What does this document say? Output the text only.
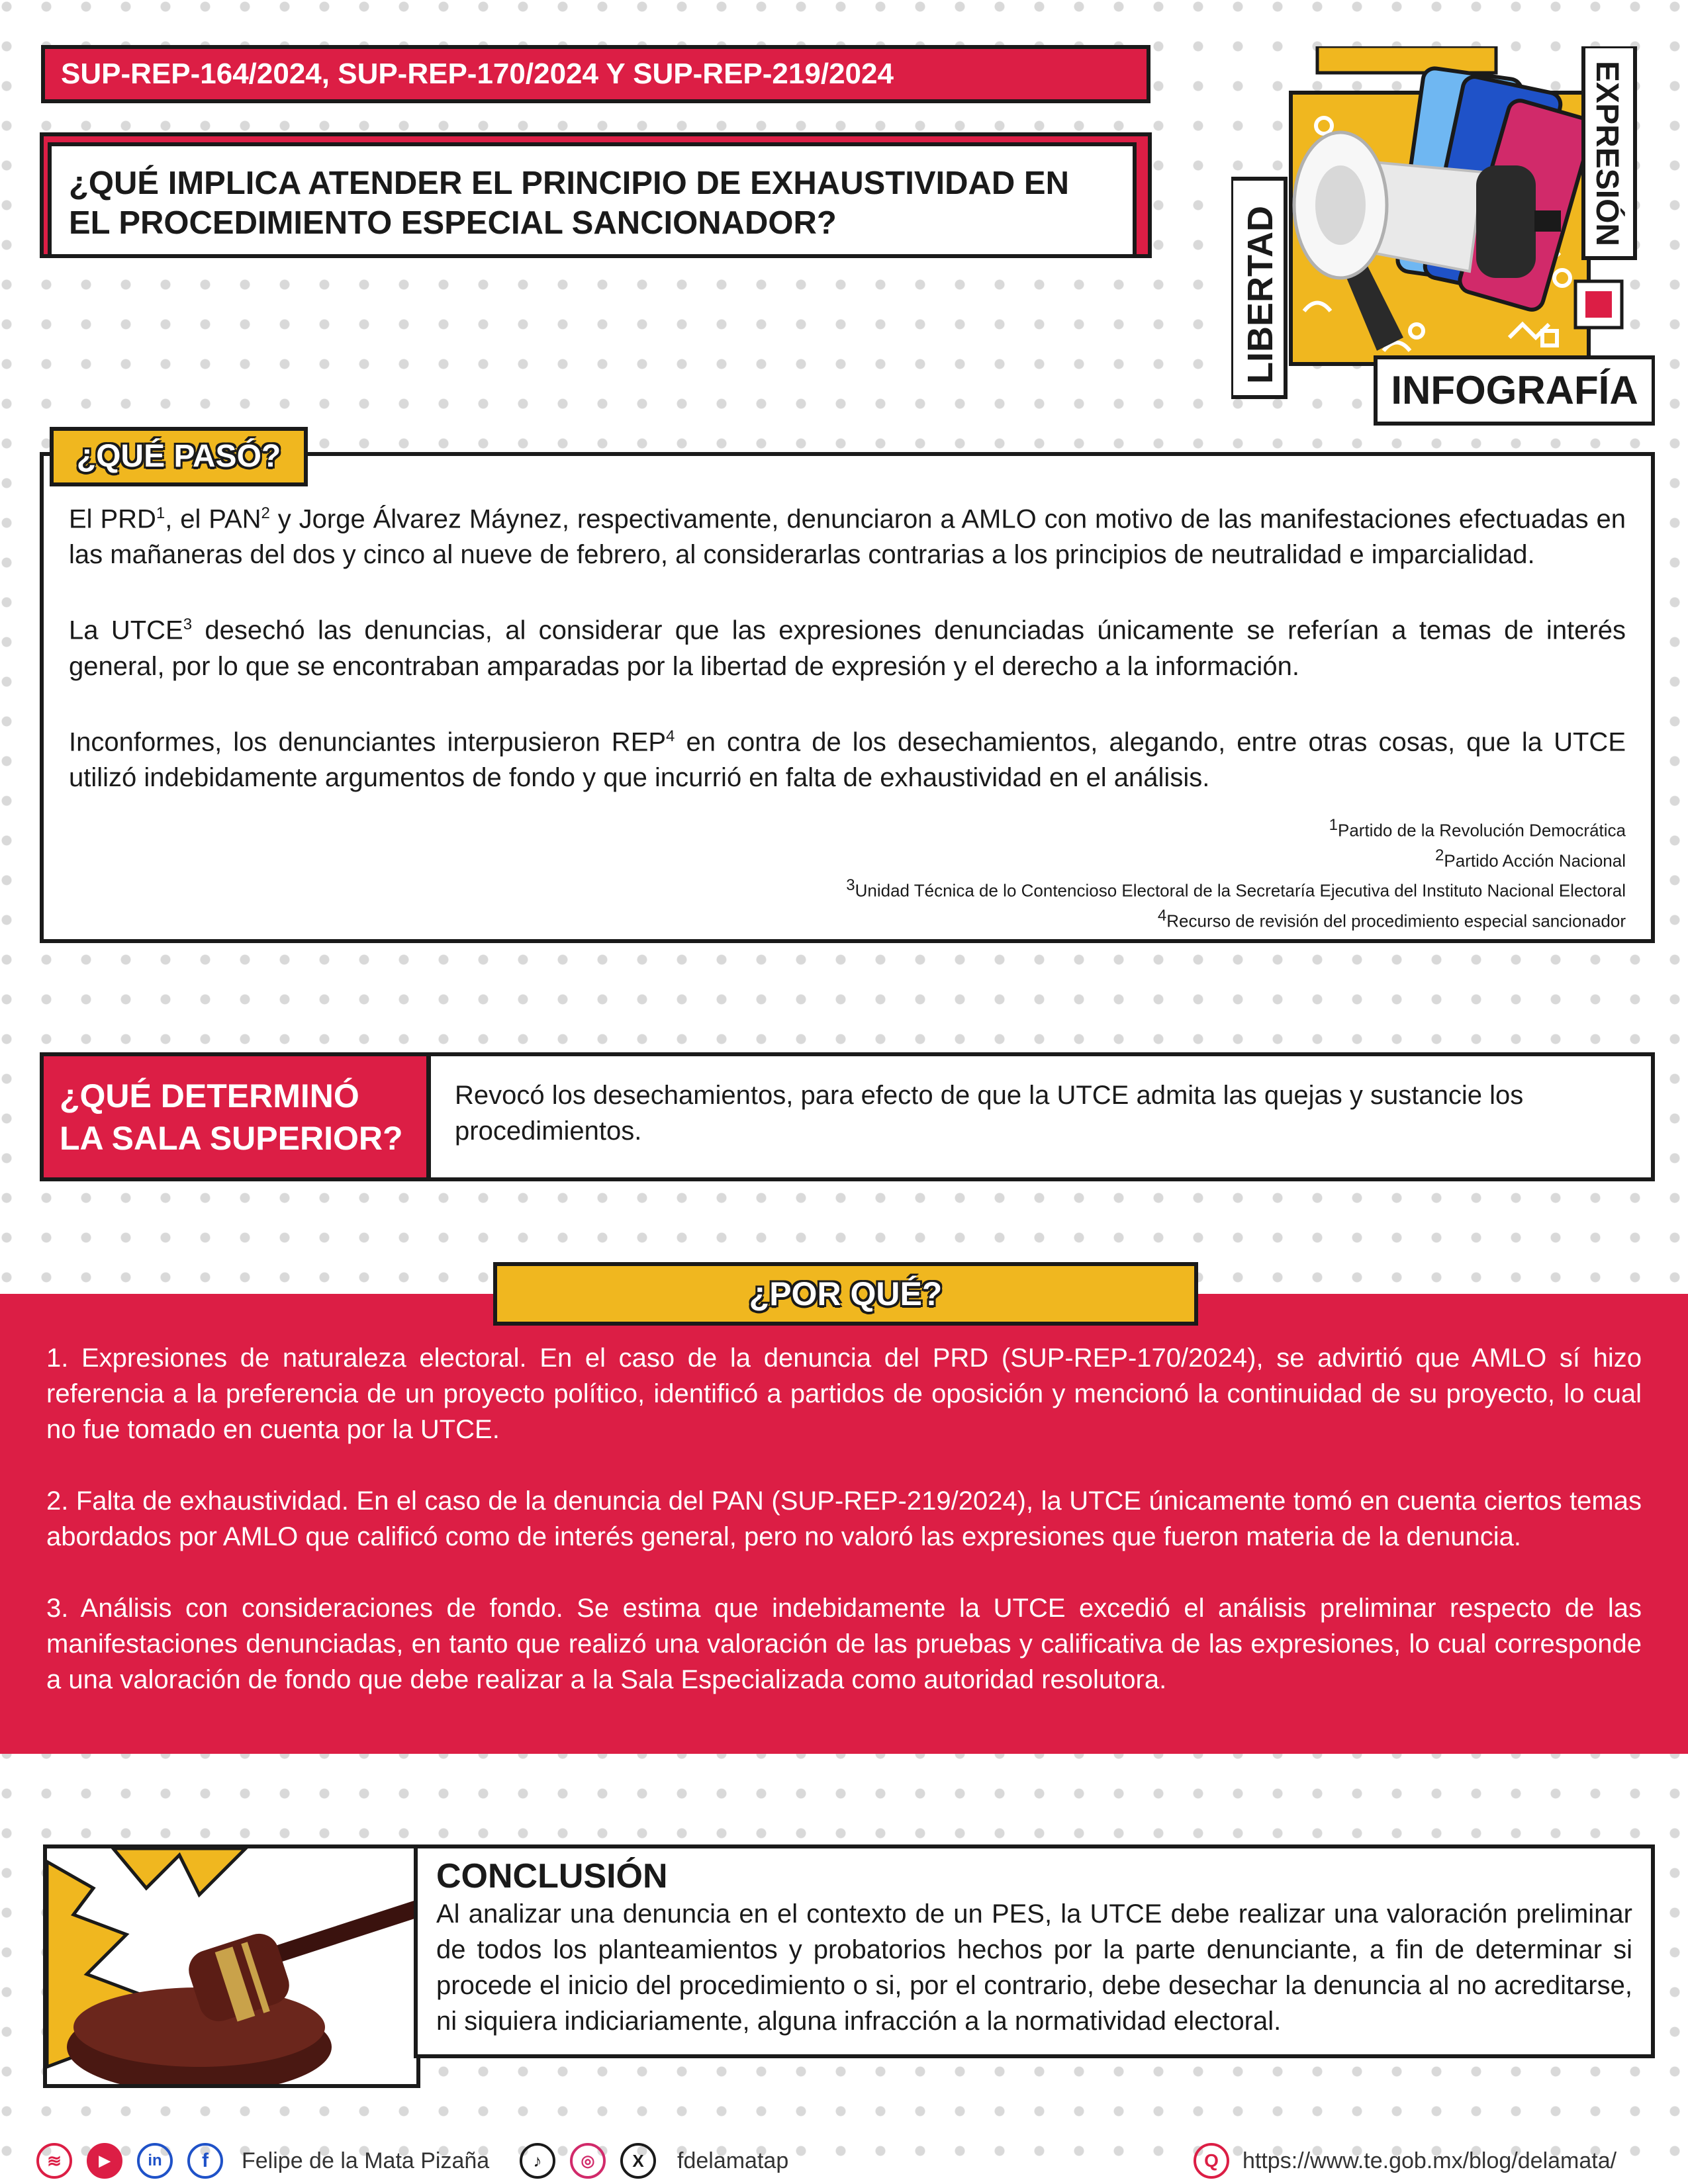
SUP-REP-164/2024, SUP-REP-170/2024 Y SUP-REP-219/2024
¿QUÉ IMPLICA ATENDER EL PRINCIPIO DE EXHAUSTIVIDAD EN EL PROCEDIMIENTO ESPECIAL SANCIONADOR?	LIBERTAD
EXPRESIÓN
INFOGRAFÍA
¿QUÉ PASÓ?

El PRD$^1$, el PAN$^2$ y Jorge Álvarez Máynez, respectivamente, denunciaron a AMLO con motivo de las manifestaciones efectuadas en las mañaneras del dos y cinco al nueve de febrero, al considerarlas contrarias a los principios de neutralidad e imparcialidad.

La UTCE$^3$ desechó las denuncias, al considerar que las expresiones denunciadas únicamente se referían a temas de interés general, por lo que se encontraban amparadas por la libertad de expresión y el derecho a la información.

Inconformes, los denunciantes interpusieron REP$^4$ en contra de los desechamientos, alegando, entre otras cosas, que la UTCE utilizó indebidamente argumentos de fondo y que incurrió en falta de exhaustividad en el análisis.

$^1$Partido de la Revolución Democrática
$^2$Partido Acción Nacional
$^3$Unidad Técnica de lo Contencioso Electoral de la Secretaría Ejecutiva del Instituto Nacional Electoral
$^4$Recurso de revisión del procedimiento especial sancionador
¿QUÉ DETERMINÓ LA SALA SUPERIOR?
Revocó los desechamientos, para efecto de que la UTCE admita las quejas y sustancie los procedimientos.
¿POR QUÉ?

1. Expresiones de naturaleza electoral. En el caso de la denuncia del PRD (SUP-REP-170/2024), se advirtió que AMLO sí hizo referencia a la preferencia de un proyecto político, identificó a partidos de oposición y mencionó la continuidad de su proyecto, lo cual no fue tomado en cuenta por la UTCE.

2. Falta de exhaustividad. En el caso de la denuncia del PAN (SUP-REP-219/2024), la UTCE únicamente tomó en cuenta ciertos temas abordados por AMLO que calificó como de interés general, pero no valoró las expresiones que fueron materia de la denuncia.

3. Análisis con consideraciones de fondo. Se estima que indebidamente la UTCE excedió el análisis preliminar respecto de las manifestaciones denunciadas, en tanto que realizó una valoración de las pruebas y calificativa de las expresiones, lo cual corresponde a una valoración de fondo que debe realizar a la Sala Especializada como autoridad resolutora.

CONCLUSIÓN
Al analizar una denuncia en el contexto de un PES, la UTCE debe realizar una valoración preliminar de todos los planteamientos y probatorios hechos por la parte denunciante, a fin de determinar si procede el inicio del procedimiento o si, por el contrario, debe desechar la denuncia al no acreditarse, ni siquiera indiciariamente, alguna infracción a la normatividad electoral.
≋	▶	in	f	Felipe de la Mata Pizaña	♪	◎	X	fdelamatap	Q	https://www.te.gob.mx/blog/delamata/
